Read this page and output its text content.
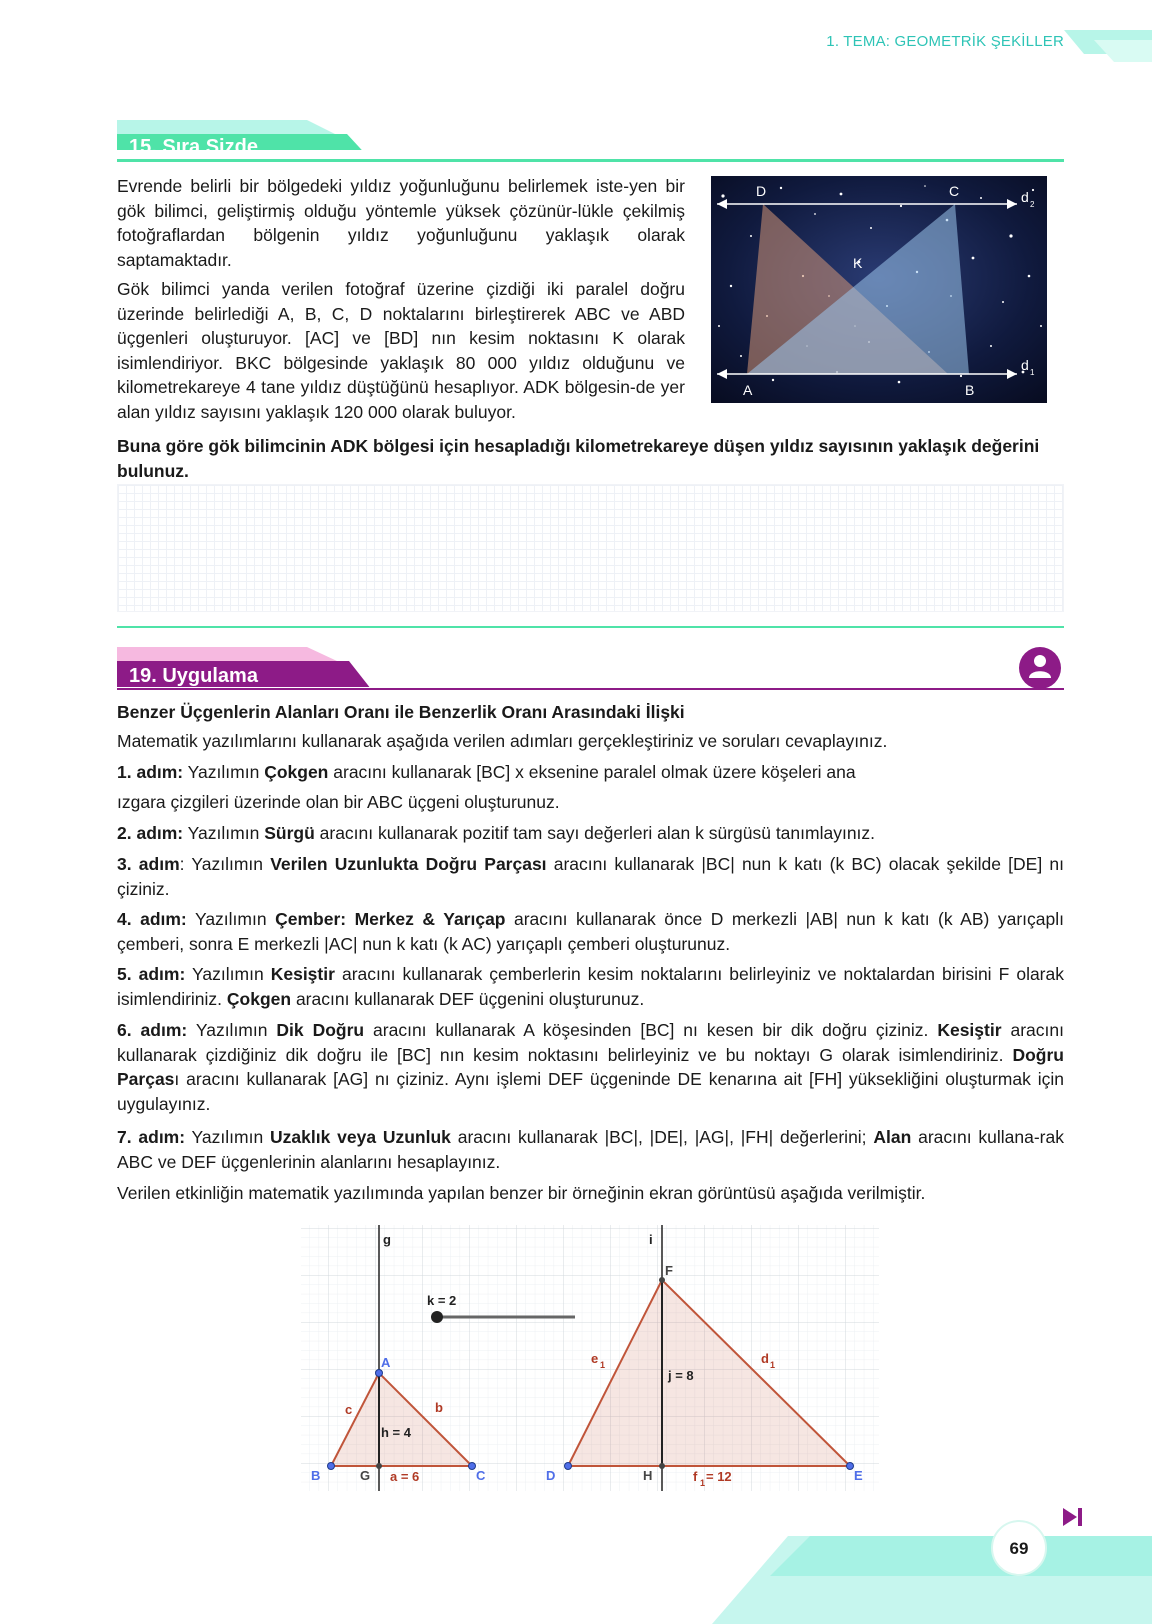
1. TEMA: GEOMETRİK ŞEKİLLER
15. Sıra Sizde
Evrende belirli bir bölgedeki yıldız yoğunluğunu belirlemek iste-yen bir gök bilimci, geliştirmiş olduğu yöntemle yüksek çözünür-lükle çekilmiş fotoğraflardan bölgenin yıldız yoğunluğunu yaklaşık olarak saptamaktadır.
Gök bilimci yanda verilen fotoğraf üzerine çizdiği iki paralel doğru üzerinde belirlediği A, B, C, D noktalarını birleştirerek ABC ve ABD üçgenleri oluşturuyor. [AC] ve [BD] nın kesim noktasını K olarak isimlendiriyor. BKC bölgesinde yaklaşık 80 000 yıldız olduğunu ve kilometrekareye 4 tane yıldız düştüğünü hesaplıyor. ADK bölgesin-de yer alan yıldız sayısını yaklaşık 120 000 olarak buluyor.
D	C	d 2
K
d 1
A	B
Buna göre gök bilimcinin ADK bölgesi için hesapladığı kilometrekareye düşen yıldız sayısının yaklaşık değerini bulunuz.
19. Uygulama
Benzer Üçgenlerin Alanları Oranı ile Benzerlik Oranı Arasındaki İlişki
Matematik yazılımlarını kullanarak aşağıda verilen adımları gerçekleştiriniz ve soruları cevaplayınız.
1. adım: Yazılımın Çokgen aracını kullanarak [BC] x eksenine paralel olmak üzere köşeleri ana
ızgara çizgileri üzerinde olan bir ABC üçgeni oluşturunuz.
2. adım: Yazılımın Sürgü aracını kullanarak pozitif tam sayı değerleri alan k sürgüsü tanımlayınız.
3. adım: Yazılımın Verilen Uzunlukta Doğru Parçası aracını kullanarak |BC| nun k katı (k BC) olacak şekilde [DE] nı çiziniz.
4. adım: Yazılımın Çember: Merkez & Yarıçap aracını kullanarak önce D merkezli |AB| nun k katı (k AB) yarıçaplı çemberi, sonra E merkezli |AC| nun k katı (k AC) yarıçaplı çemberi oluşturunuz.
5. adım: Yazılımın Kesiştir aracını kullanarak çemberlerin kesim noktalarını belirleyiniz ve noktalardan birisini F olarak isimlendiriniz. Çokgen aracını kullanarak DEF üçgenini oluşturunuz.
6. adım: Yazılımın Dik Doğru aracını kullanarak A köşesinden [BC] nı kesen bir dik doğru çiziniz. Kesiştir aracını kullanarak çizdiğiniz dik doğru ile [BC] nın kesim noktasını belirleyiniz ve bu noktayı G olarak isimlendiriniz. Doğru Parçası aracını kullanarak [AG] nı çiziniz. Aynı işlemi DEF üçgeninde DE kenarına ait [FH] yüksekliğini oluşturmak için uygulayınız.
7. adım: Yazılımın Uzaklık veya Uzunluk aracını kullanarak |BC|, |DE|, |AG|, |FH| değerlerini; Alan aracını kullana-rak ABC ve DEF üçgenlerinin alanlarını hesaplayınız.
Verilen etkinliğin matematik yazılımında yapılan benzer bir örneğinin ekran görüntüsü aşağıda verilmiştir.
g	i
k = 2
A
B	C
G
c	b
h = 4
a = 6	D	E
F
H
e 1	d 1
j = 8
f 1 = 12
69
